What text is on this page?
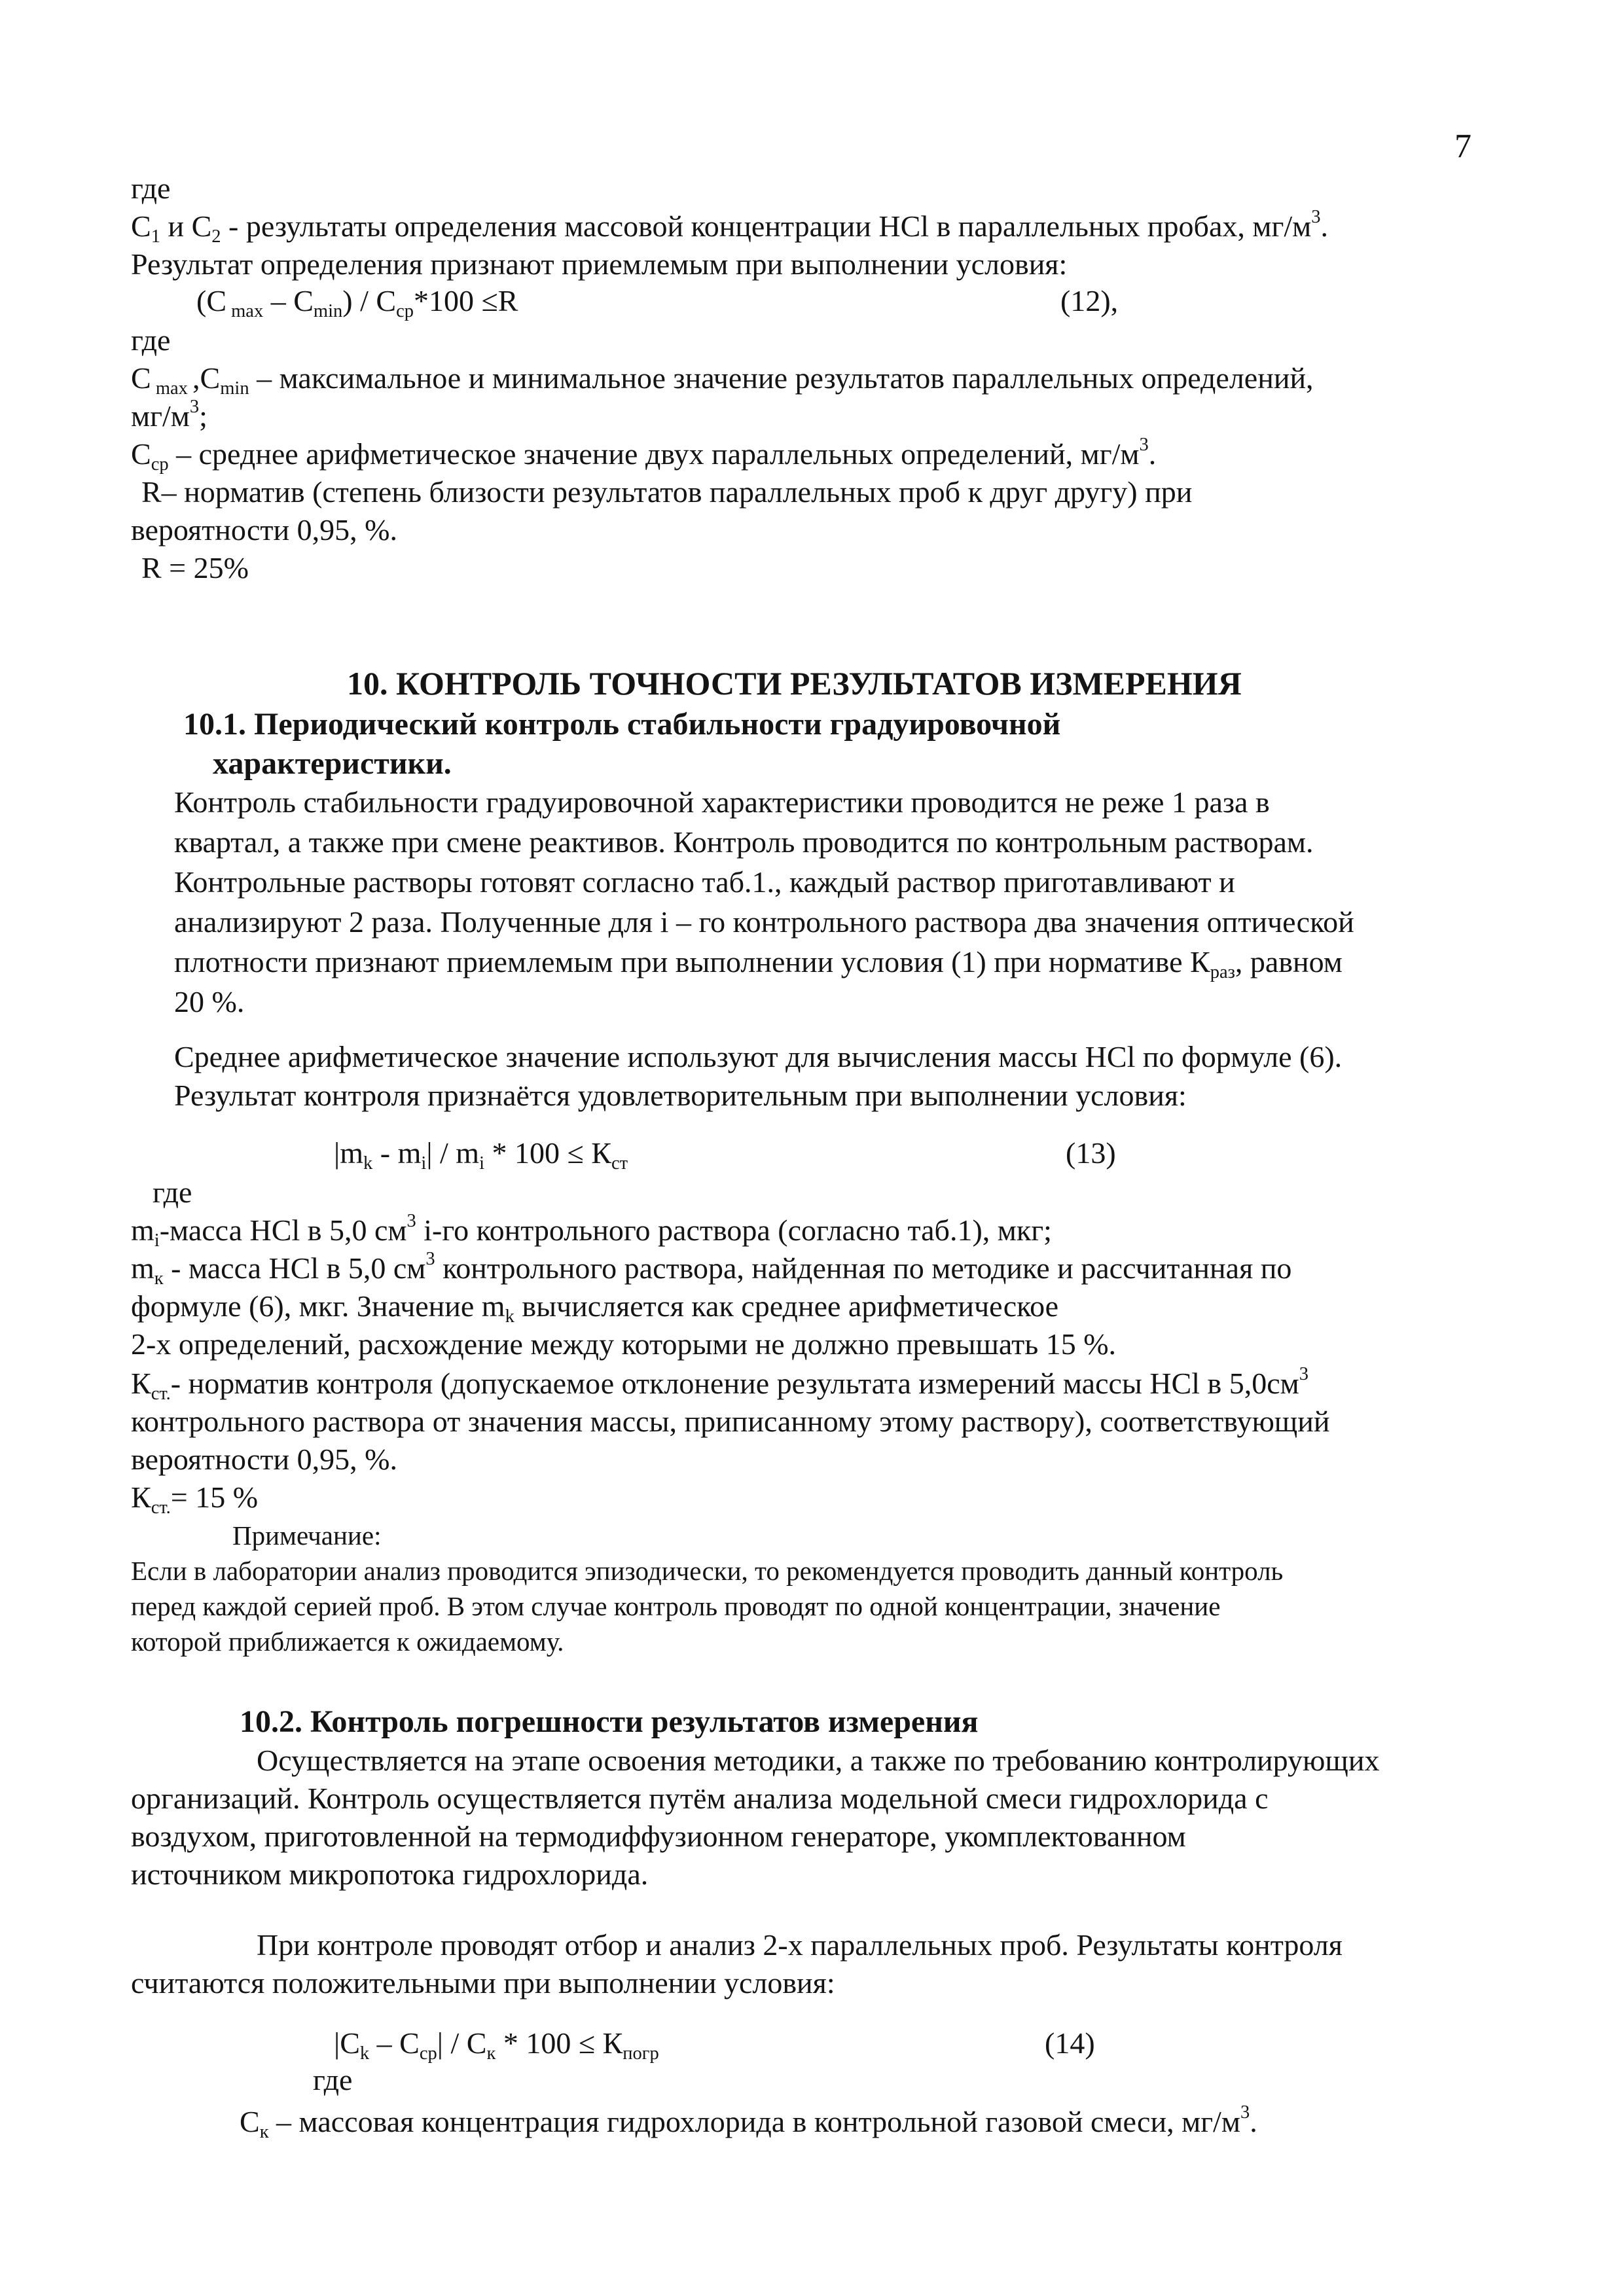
7
где
$C_1$ и $C_2$ - результаты определения массовой концентрации HCl в параллельных пробах, $мг/м^3$.
Результат определения признают приемлемым при выполнении условия:
(С $_{max} - С_{min}) / С_{ср}*100 \le R$	(12),
где
С $_{max}$ $,С_{min}$ – максимальное и минимальное значение результатов параллельных определений,
$мг/м^3$;
$С_{ср}$ – среднее арифметическое значение двух параллельных определений, $мг/м^3$.
R– норматив (степень близости результатов параллельных проб к друг другу) при
вероятности 0,95, %.
R = 25%
10. КОНТРОЛЬ ТОЧНОСТИ РЕЗУЛЬТАТОВ ИЗМЕРЕНИЯ
10.1. Периодический контроль стабильности градуировочной
характеристики.
Контроль стабильности градуировочной характеристики проводится не реже 1 раза в
квартал, а также при смене реактивов. Контроль проводится по контрольным растворам.
Контрольные растворы готовят согласно таб.1., каждый раствор приготавливают и
анализируют 2 раза. Полученные для i – го контрольного раствора два значения оптической
плотности признают приемлемым при выполнении условия (1) при нормативе $К_{раз}$, равном
20 %.
Среднее арифметическое значение используют для вычисления массы HCl по формуле (6).
Результат контроля признаётся удовлетворительным при выполнении условия:
$|m_k - m_i| / m_i * 100 \le К_{ст}$	(13)
где
$m_i$-масса HCl в 5,0 $см^3$ i-го контрольного раствора (согласно таб.1), мкг;
$m_к$ - масса HCl в 5,0 $см^3$ контрольного раствора, найденная по методике и рассчитанная по
формуле (6), мкг. Значение $m_k$ вычисляется как среднее арифметическое
2-х определений, расхождение между которыми не должно превышать 15 %.
$К_{ст.}-$ норматив контроля (допускаемое отклонение результата измерений массы HCl в $5,0см^3$
контрольного раствора от значения массы, приписанному этому раствору), соответствующий
вероятности 0,95, %.
$К_{ст.}= 15$ %
Примечание:
Если в лаборатории анализ проводится эпизодически, то рекомендуется проводить данный контроль
перед каждой серией проб. В этом случае контроль проводят по одной концентрации, значение
которой приближается к ожидаемому.
10.2. Контроль погрешности результатов измерения
Осуществляется на этапе освоения методики, а также по требованию контролирующих
организаций. Контроль осуществляется путём анализа модельной смеси гидрохлорида с
воздухом, приготовленной на термодиффузионном генераторе, укомплектованном
источником микропотока гидрохлорида.
При контроле проводят отбор и анализ 2-х параллельных проб. Результаты контроля
считаются положительными при выполнении условия:
$|С_k - С_{ср}| / С_к * 100 \le К_{погр}$	(14)
где
$С_к$ – массовая концентрация гидрохлорида в контрольной газовой смеси, $мг/м^3$.
